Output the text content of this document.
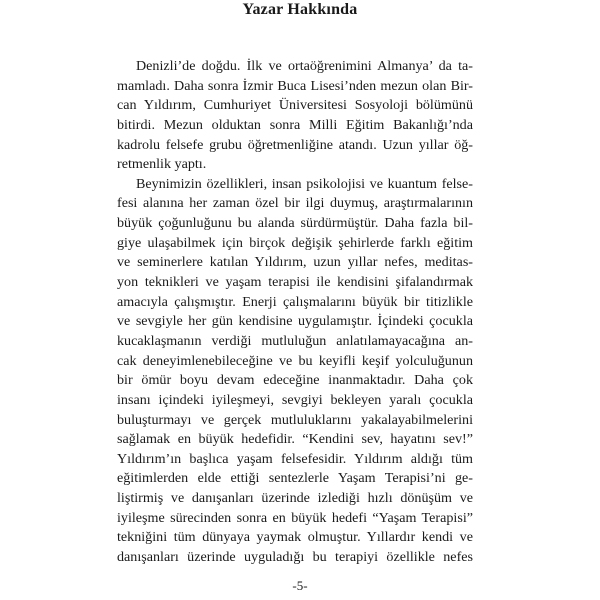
Yazar Hakkında
Denizli’de doğdu. İlk ve ortaöğrenimini Almanya’ da ta-
mamladı. Daha sonra İzmir Buca Lisesi’nden mezun olan Bir-
can Yıldırım, Cumhuriyet Üniversitesi Sosyoloji bölümünü
bitirdi. Mezun olduktan sonra Milli Eğitim Bakanlığı’nda
kadrolu felsefe grubu öğretmenliğine atandı. Uzun yıllar öğ-
retmenlik yaptı.
Beynimizin özellikleri, insan psikolojisi ve kuantum felse-
fesi alanına her zaman özel bir ilgi duymuş, araştırmalarının
büyük çoğunluğunu bu alanda sürdürmüştür. Daha fazla bil-
giye ulaşabilmek için birçok değişik şehirlerde farklı eğitim
ve seminerlere katılan Yıldırım, uzun yıllar nefes, meditas-
yon teknikleri ve yaşam terapisi ile kendisini şifalandırmak
amacıyla çalışmıştır. Enerji çalışmalarını büyük bir titizlikle
ve sevgiyle her gün kendisine uygulamıştır. İçindeki çocukla
kucaklaşmanın verdiği mutluluğun anlatılamayacağına an-
cak deneyimlenebileceğine ve bu keyifli keşif yolculuğunun
bir ömür boyu devam edeceğine inanmaktadır. Daha çok
insanı içindeki iyileşmeyi, sevgiyi bekleyen yaralı çocukla
buluşturmayı ve gerçek mutluluklarını yakalayabilmelerini
sağlamak en büyük hedefidir. “Kendini sev, hayatını sev!”
Yıldırım’ın başlıca yaşam felsefesidir. Yıldırım aldığı tüm
eğitimlerden elde ettiği sentezlerle Yaşam Terapisi’ni ge-
liştirmiş ve danışanları üzerinde izlediği hızlı dönüşüm ve
iyileşme sürecinden sonra en büyük hedefi “Yaşam Terapisi”
tekniğini tüm dünyaya yaymak olmuştur. Yıllardır kendi ve
danışanları üzerinde uyguladığı bu terapiyi özellikle nefes
-5-
